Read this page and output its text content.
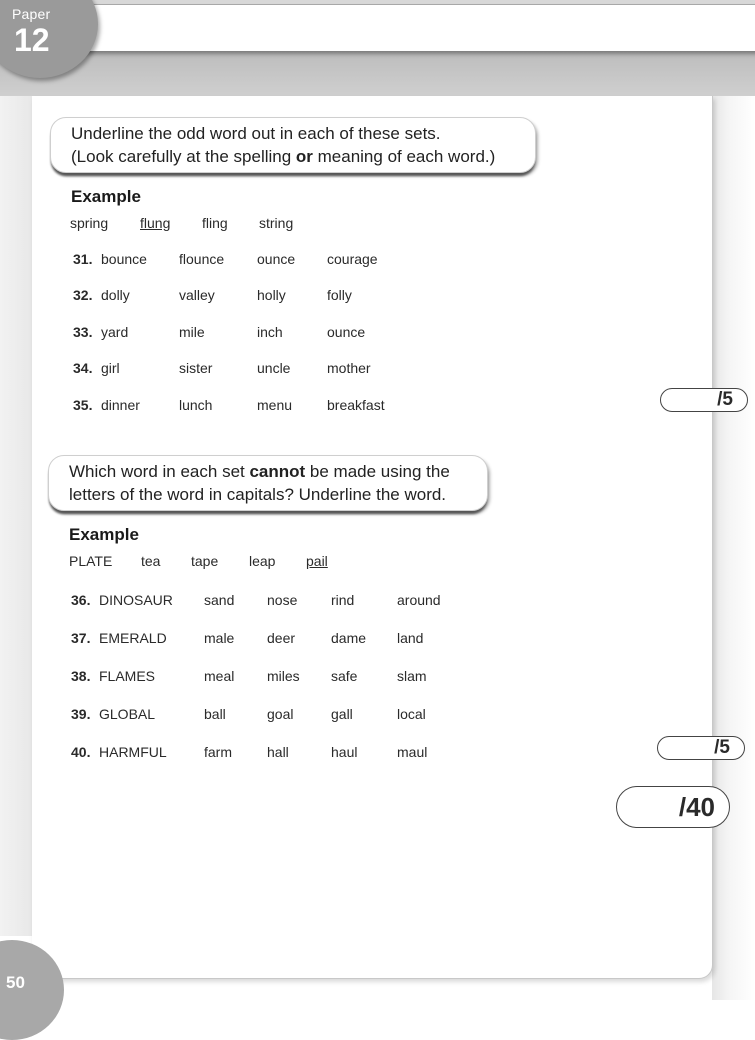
Paper
12
Underline the odd word out in each of these sets.
(Look carefully at the spelling or meaning of each word.)
Example
spring flung fling string
31. bounce flounce ounce courage
32. dolly	valley	holly	folly
33. yard	mile	inch	ounce
34. girl	sister	uncle	mother
35. dinner	lunch	menu breakfast	/5
Which word in each set cannot be made using the
letters of the word in capitals? Underline the word.
Example
PLATE tea tape leap pail
36. DINOSAUR sand nose rind	around
37. EMERALD	male deer	dame land
38. FLAMES	meal miles safe	slam
39. GLOBAL	ball	goal	gall	local
40. HARMFUL	farm	hall	haul	maul	/5
/40
50
